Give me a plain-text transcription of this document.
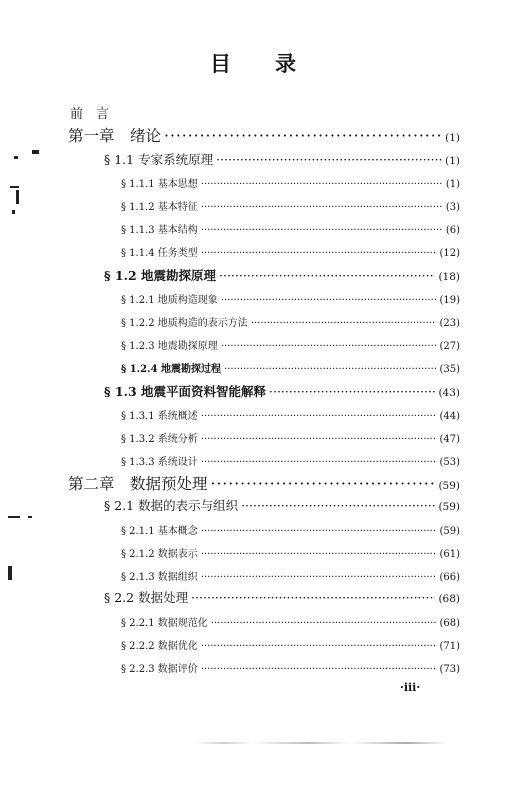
目 录
前　言
第一章　绪论 ·····	(1)
§ 1.1 专家系统原理 ·····	(1)
§ 1.1.1 基本思想 ·····	(1)
§ 1.1.2 基本特征 ·····	(3)
§ 1.1.3 基本结构 ·····	(6)
§ 1.1.4 任务类型 ·····	(12)
§ 1.2 地震勘探原理 ·····	(18)
§ 1.2.1 地质构造现象 ·····	(19)
§ 1.2.2 地质构造的表示方法 ·····	(23)
§ 1.2.3 地震勘探原理 ·····	(27)
§ 1.2.4 地震勘探过程 ·····	(35)
§ 1.3 地震平面资料智能解释 ·····	(43)
§ 1.3.1 系统概述 ·····	(44)
§ 1.3.2 系统分析 ·····	(47)
§ 1.3.3 系统设计 ·····	(53)
第二章　数据预处理 ·····	(59)
§ 2.1 数据的表示与组织 ·····	(59)
§ 2.1.1 基本概念 ·····	(59)
§ 2.1.2 数据表示 ·····	(61)
§ 2.1.3 数据组织 ·····	(66)
§ 2.2 数据处理 ·····	(68)
§ 2.2.1 数据规范化 ·····	(68)
§ 2.2.2 数据优化 ·····	(71)
§ 2.2.3 数据评价 ·····	(73)
·iii·
